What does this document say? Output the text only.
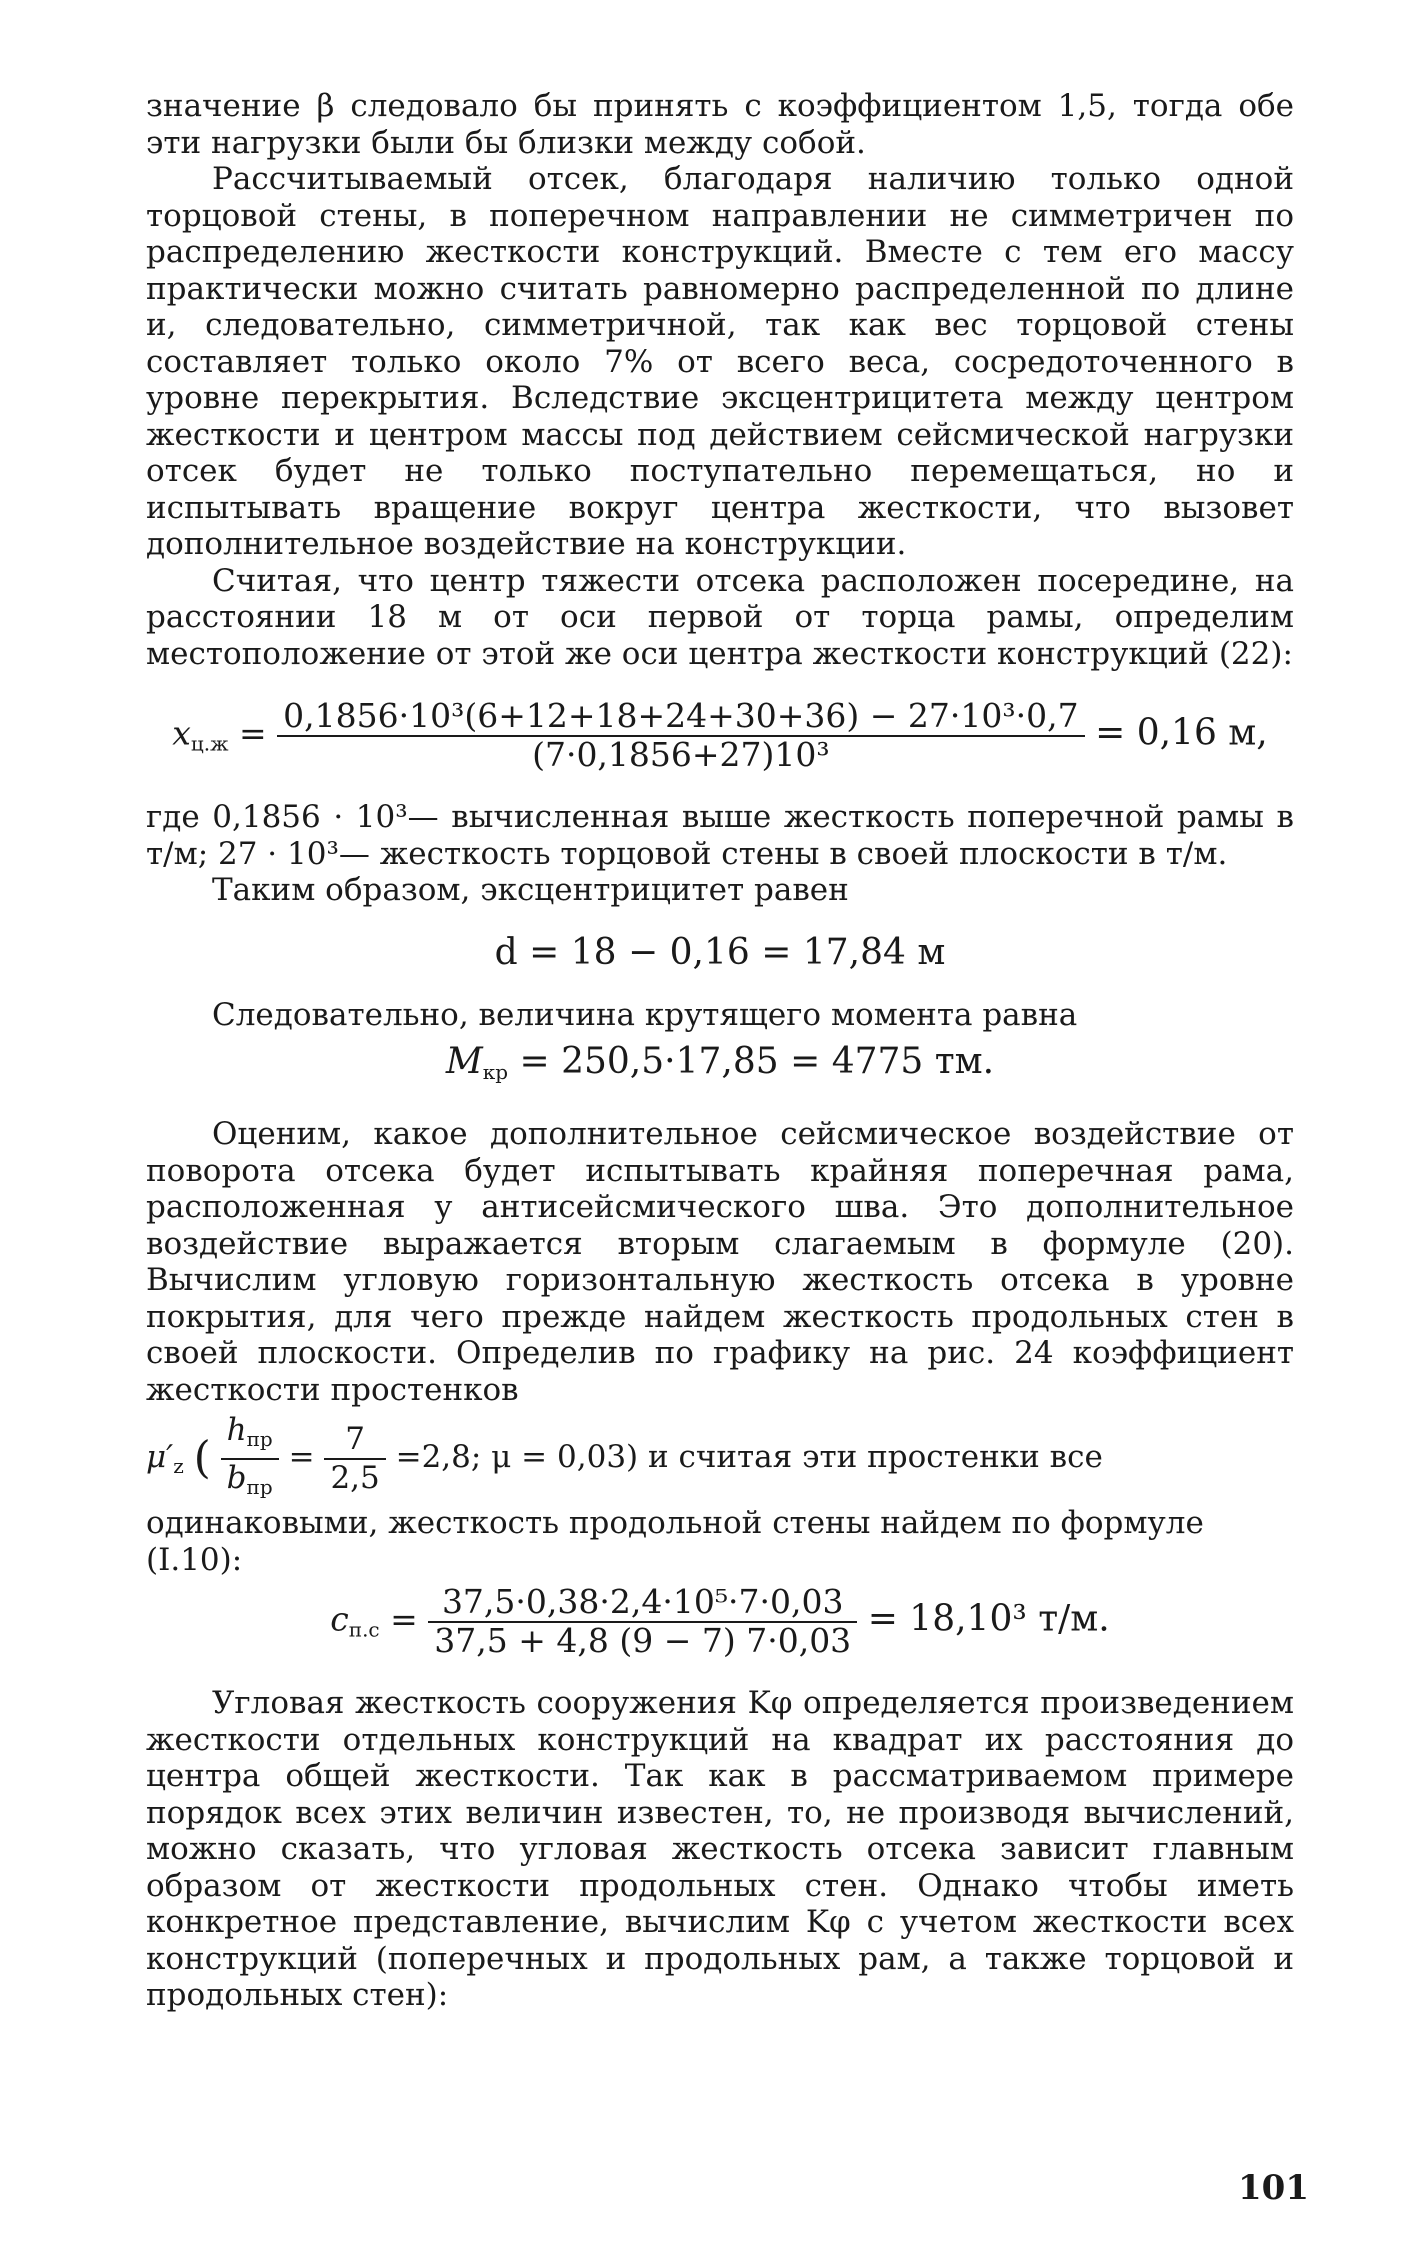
значение β следовало бы принять с коэффициентом 1,5, тогда обе эти нагрузки были бы близки между собой.

Рассчитываемый отсек, благодаря наличию только одной торцовой стены, в поперечном направлении не симметричен по распределению жесткости конструкций. Вместе с тем его массу практически можно считать равномерно распределенной по длине и, следовательно, симметричной, так как вес торцовой стены составляет только около 7% от всего веса, сосредоточенного в уровне перекрытия. Вследствие эксцентрицитета между центром жесткости и центром массы под действием сейсмической нагрузки отсек будет не только поступательно перемещаться, но и испытывать вращение вокруг центра жесткости, что вызовет дополнительное воздействие на конструкции.

Считая, что центр тяжести отсека расположен посередине, на расстоянии 18 м от оси первой от торца рамы, определим местоположение от этой же оси центра жесткости конструкций (22):

$x_{ц.ж} = \frac{\text{0,1856·10³(6+12+18+24+30+36) − 27·10³·0,7}}{\text{(7·0,1856+27)10³}} = 0,16$ м,

где 0,1856 · 10³— вычисленная выше жесткость поперечной рамы в т/м; 27 · 10³— жесткость торцовой стены в своей плоскости в т/м.

Таким образом, эксцентрицитет равен

d = 18 − 0,16 = 17,84 м

Следовательно, величина крутящего момента равна

$M_{кр} = 250,5\cdot 17,85 = 4775$ тм.

Оценим, какое дополнительное сейсмическое воздействие от поворота отсека будет испытывать крайняя поперечная рама, расположенная у антисейсмического шва. Это дополнительное воздействие выражается вторым слагаемым в формуле (20). Вычислим угловую горизонтальную жесткость отсека в уровне покрытия, для чего прежде найдем жесткость продольных стен в своей плоскости. Определив по графику на рис. 24 коэффициент жесткости простенков

$\mu'_z$ ( $\frac{h_{пр}}{b_{пр}} = \frac{7}{2,5} =2,8$; μ = 0,03) и считая эти простенки все одинаковыми, жесткость продольной стены найдем по формуле (I.10):
$c_{п.с} = \frac{\text{37,5·0,38·2,4·10⁵·7·0,03}}{37,5 + 4,8 (9 - 7) 7\cdot 0,03} = 18,10^3$ т/м.

Угловая жесткость сооружения Kφ определяется произведением жесткости отдельных конструкций на квадрат их расстояния до центра общей жесткости. Так как в рассматриваемом примере порядок всех этих величин известен, то, не производя вычислений, можно сказать, что угловая жесткость отсека зависит главным образом от жесткости продольных стен. Однако чтобы иметь конкретное представление, вычислим Kφ с учетом жесткости всех конструкций (поперечных и продольных рам, а также торцовой и продольных стен):

101
